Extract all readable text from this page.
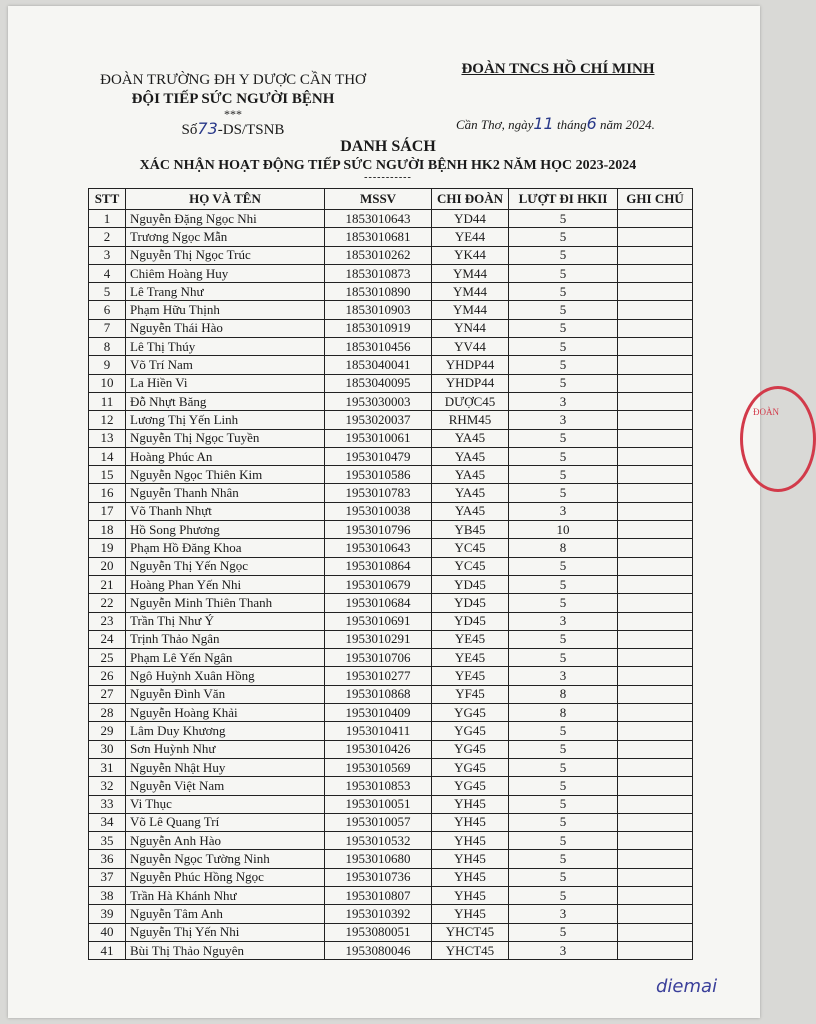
ĐOÀN TRƯỜNG ĐH Y DƯỢC CẦN THƠ
ĐỘI TIẾP SỨC NGƯỜI BỆNH
***
Số73-DS/TSNB
ĐOÀN TNCS HỒ CHÍ MINH
Cần Thơ, ngày11 tháng6 năm 2024.
DANH SÁCH
XÁC NHẬN HOẠT ĐỘNG TIẾP SỨC NGƯỜI BỆNH HK2 NĂM HỌC 2023-2024
-----------
STT	HỌ VÀ TÊN	MSSV	CHI ĐOÀN	LƯỢT ĐI HKII	GHI CHÚ
1	Nguyễn Đặng Ngọc Nhi	1853010643	YD44	5	
2	Trương Ngọc Mẫn	1853010681	YE44	5	
3	Nguyễn Thị Ngọc Trúc	1853010262	YK44	5	
4	Chiêm Hoàng Huy	1853010873	YM44	5	
5	Lê Trang Như	1853010890	YM44	5	
6	Phạm Hữu Thịnh	1853010903	YM44	5	
7	Nguyễn Thái Hào	1853010919	YN44	5	
8	Lê Thị Thúy	1853010456	YV44	5	
9	Võ Trí Nam	1853040041	YHDP44	5	
10	La Hiền Vi	1853040095	YHDP44	5	
11	Đỗ Nhựt Băng	1953030003	DƯỢC45	3	
12	Lương Thị Yến Linh	1953020037	RHM45	3	
13	Nguyễn Thị Ngọc Tuyền	1953010061	YA45	5	
14	Hoàng Phúc An	1953010479	YA45	5	
15	Nguyễn Ngọc Thiên Kim	1953010586	YA45	5	
16	Nguyễn Thanh Nhân	1953010783	YA45	5	
17	Võ Thanh Nhựt	1953010038	YA45	3	
18	Hồ Song Phương	1953010796	YB45	10	
19	Phạm Hồ Đăng Khoa	1953010643	YC45	8	
20	Nguyễn Thị Yến Ngọc	1953010864	YC45	5	
21	Hoàng Phan Yến Nhi	1953010679	YD45	5	
22	Nguyễn Minh Thiên Thanh	1953010684	YD45	5	
23	Trần Thị Như Ý	1953010691	YD45	3	
24	Trịnh Thảo Ngân	1953010291	YE45	5	
25	Phạm Lê Yến Ngân	1953010706	YE45	5	
26	Ngô Huỳnh Xuân Hồng	1953010277	YE45	3	
27	Nguyễn Đình Văn	1953010868	YF45	8	
28	Nguyễn Hoàng Khải	1953010409	YG45	8	
29	Lâm Duy Khương	1953010411	YG45	5	
30	Sơn Huỳnh Như	1953010426	YG45	5	
31	Nguyễn Nhật Huy	1953010569	YG45	5	
32	Nguyễn Việt Nam	1953010853	YG45	5	
33	Vi Thục	1953010051	YH45	5	
34	Võ Lê Quang Trí	1953010057	YH45	5	
35	Nguyễn Anh Hào	1953010532	YH45	5	
36	Nguyễn Ngọc Tường Ninh	1953010680	YH45	5	
37	Nguyễn Phúc Hồng Ngọc	1953010736	YH45	5	
38	Trần Hà Khánh Như	1953010807	YH45	5	
39	Nguyễn Tâm Anh	1953010392	YH45	3	
40	Nguyễn Thị Yến Nhi	1953080051	YHCT45	5	
41	Bùi Thị Thảo Nguyên	1953080046	YHCT45	3	
ĐOÀN
diemai
